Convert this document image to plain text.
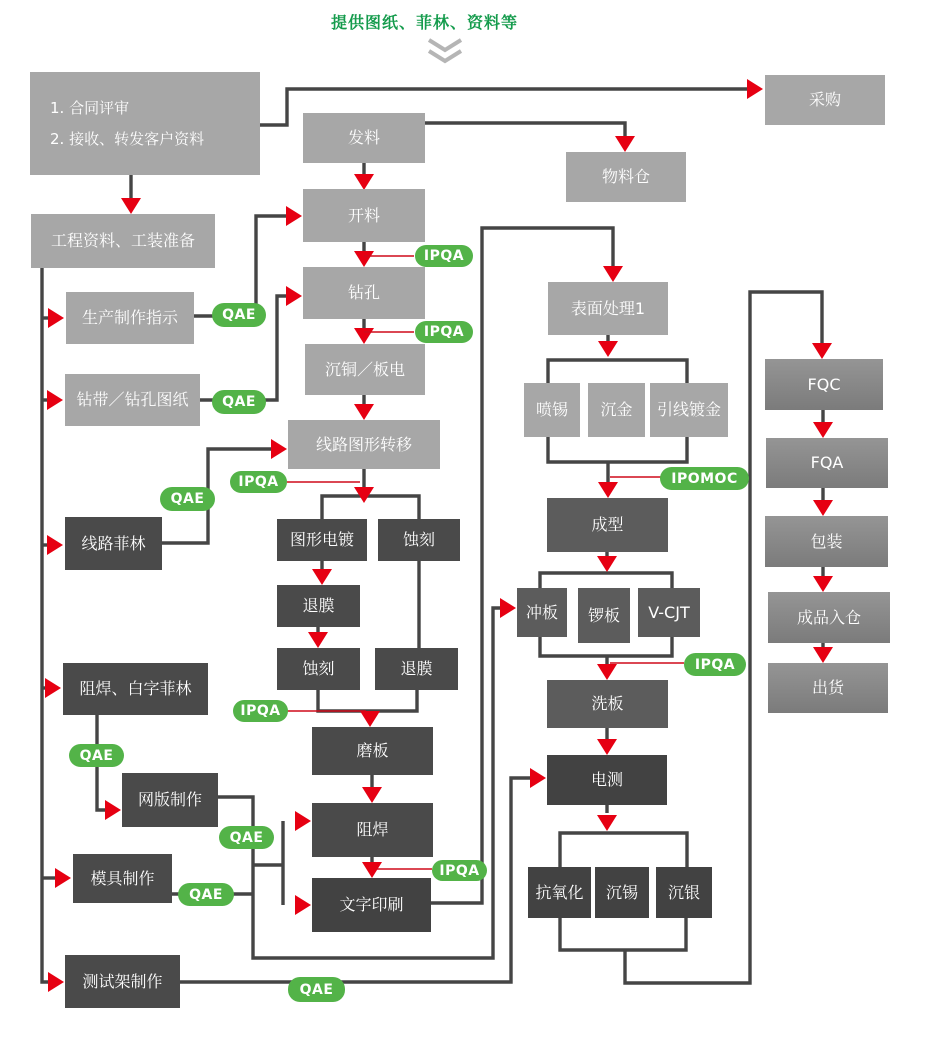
提供图纸、菲林、资料等
1. 合同评审
2. 接收、转发客户资料	发料
采购
物料仓
工程资料、工装准备
生产制作指示
钻带／钻孔图纸
开料
钻孔
沉铜／板电
线路图形转移
表面处理1
喷锡	沉金	引线镀金
线路菲林	图形电镀	蚀刻
退膜
蚀刻	退膜
阻焊、白字菲林
网版制作
磨板
阻焊
文字印刷
模具制作
测试架制作
成型
冲板	锣板	V-CJT
洗板
电测
抗氧化	沉锡	沉银
FQC
FQA
包装
成品入仓
出货
QAE
QAE
QAE
QAE
QAE
QAE
QAE
IPQA
IPQA
IPQA
IPQA
IPQA
IPQA
IPOMOC
